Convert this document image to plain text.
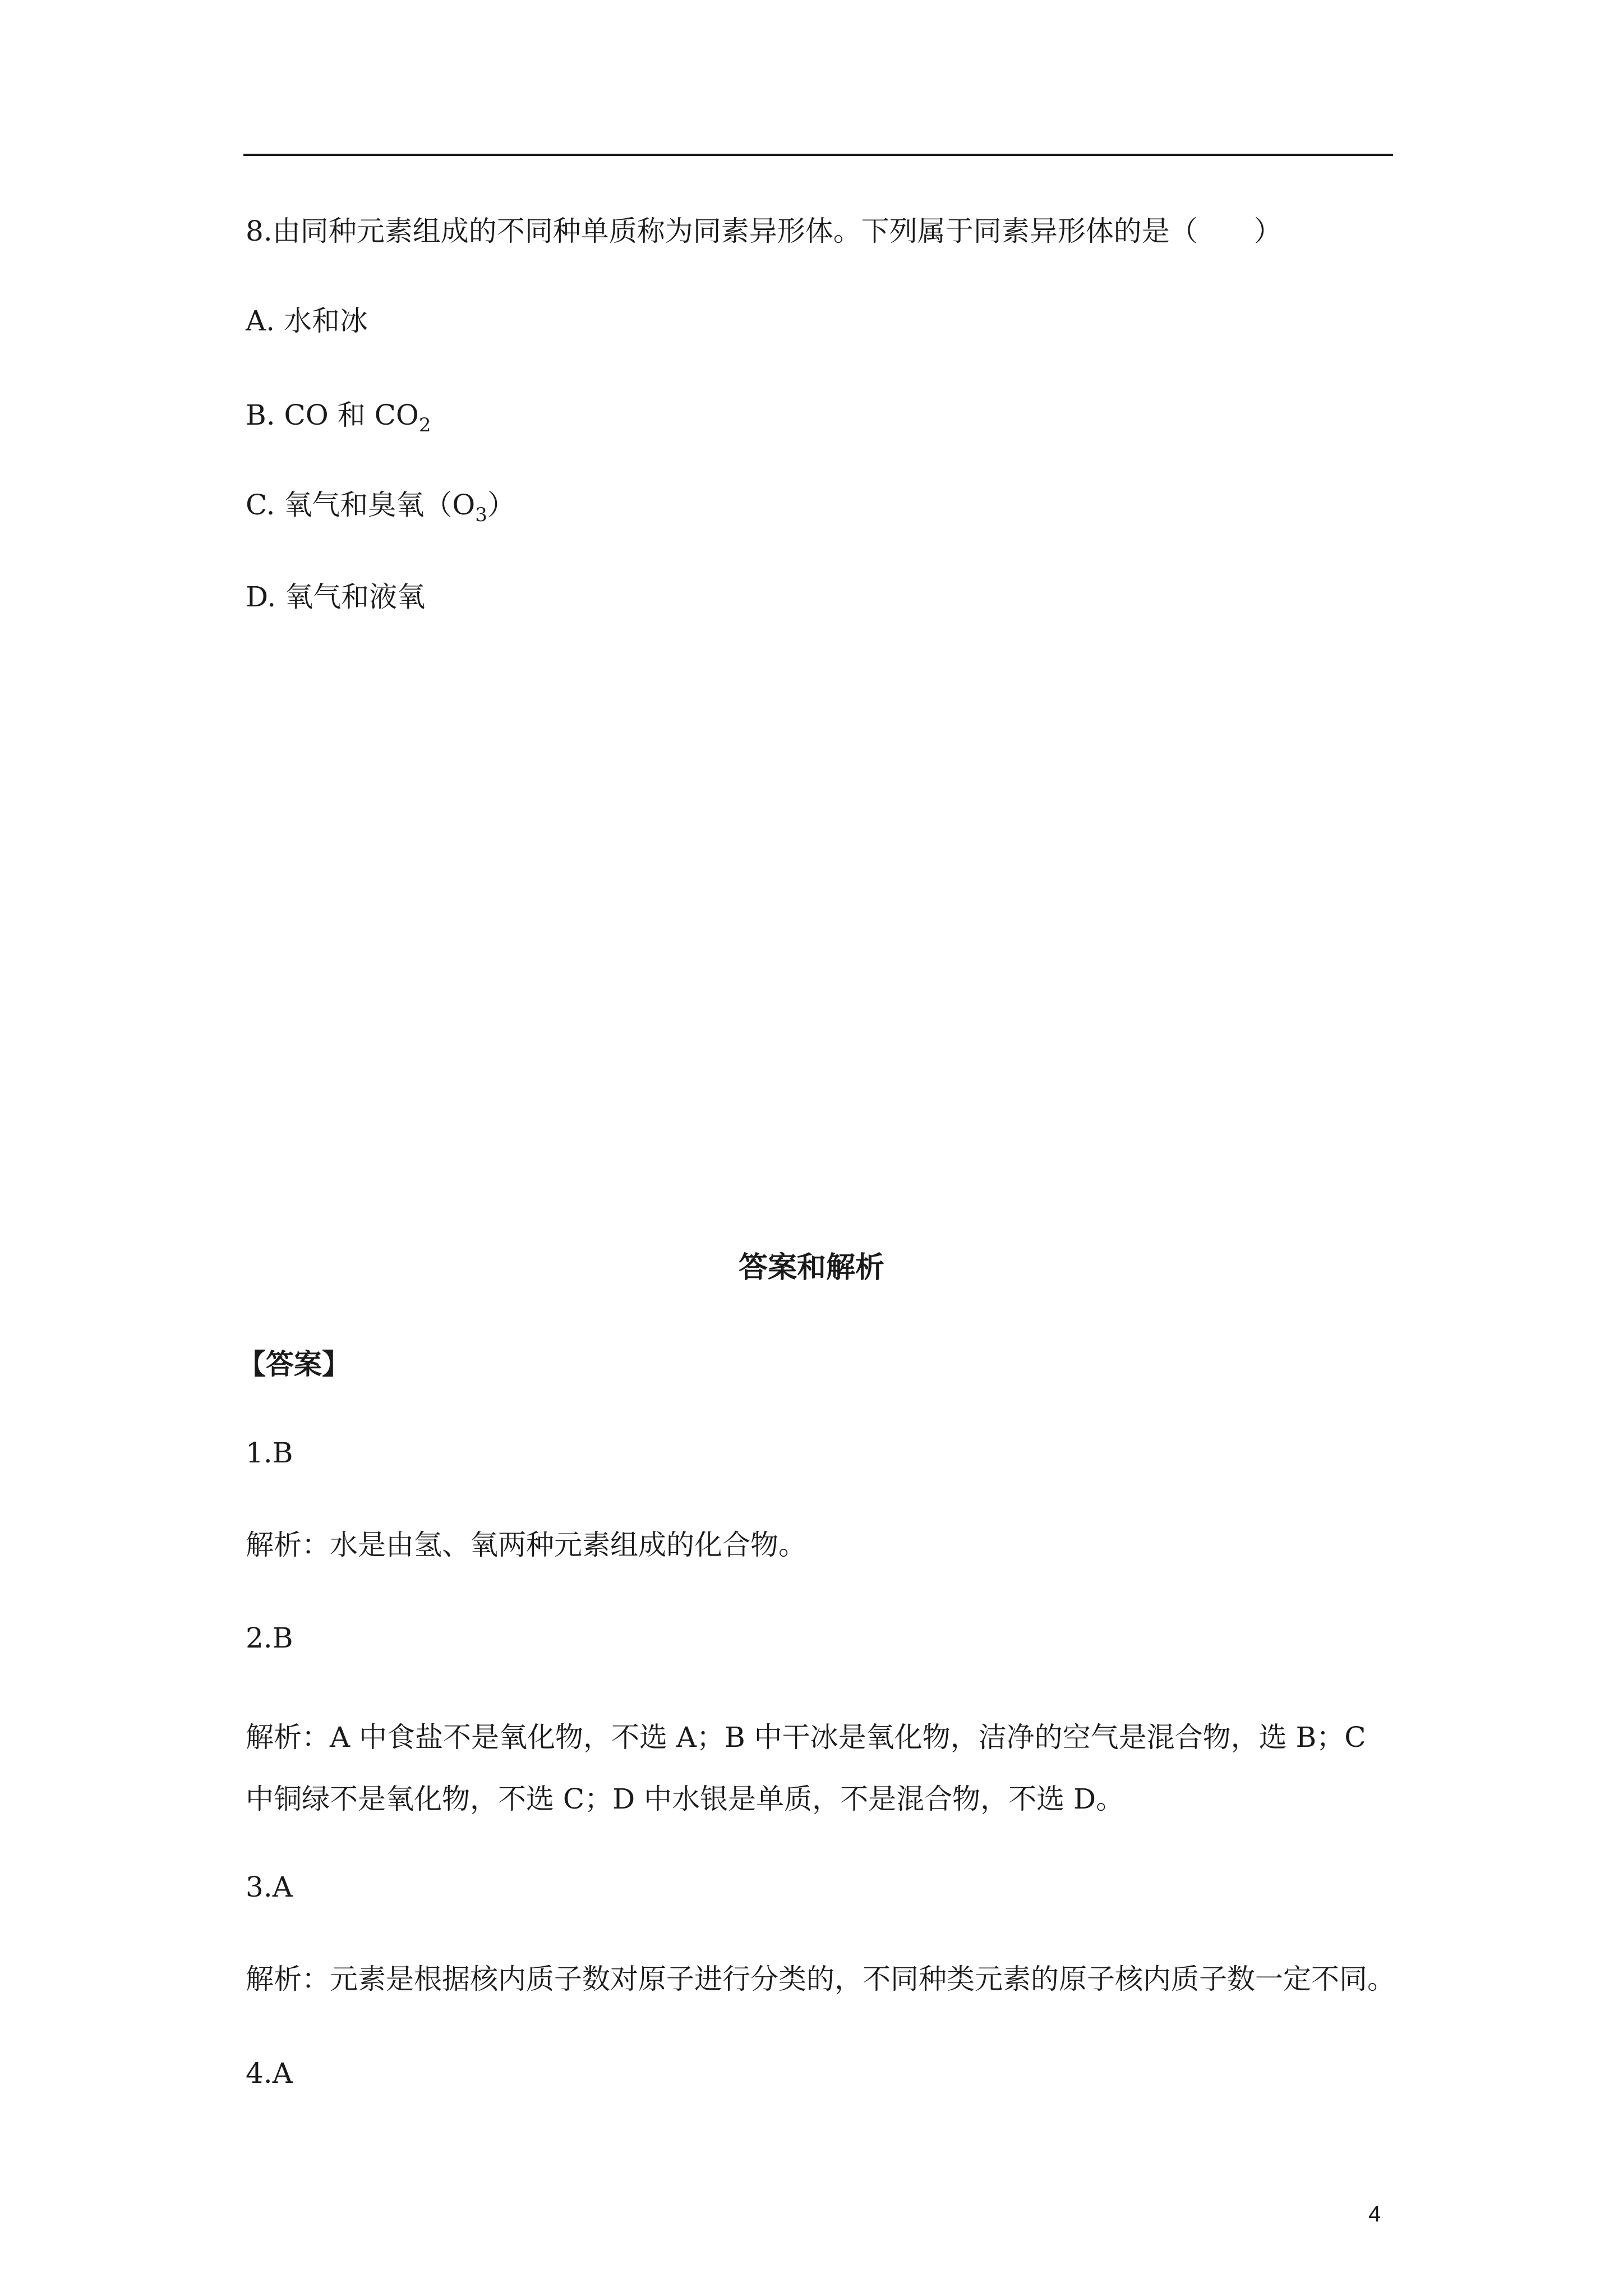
8.由同种元素组成的不同种单质称为同素异形体。下列属于同素异形体的是（　　）
A. 水和冰
B. CO 和 $CO_2$
C. 氧气和臭氧$(O_3)$
D. 氧气和液氧
答案和解析
【答案】
1.B
解析：水是由氢、氧两种元素组成的化合物。
2.B
解析：A 中食盐不是氧化物，不选 A；B 中干冰是氧化物，洁净的空气是混合物，选 B；C 中铜绿不是氧化物，不选 C；D 中水银是单质，不是混合物，不选 D。
3.A
解析：元素是根据核内质子数对原子进行分类的，不同种类元素的原子核内质子数一定不同。
4.A
4
